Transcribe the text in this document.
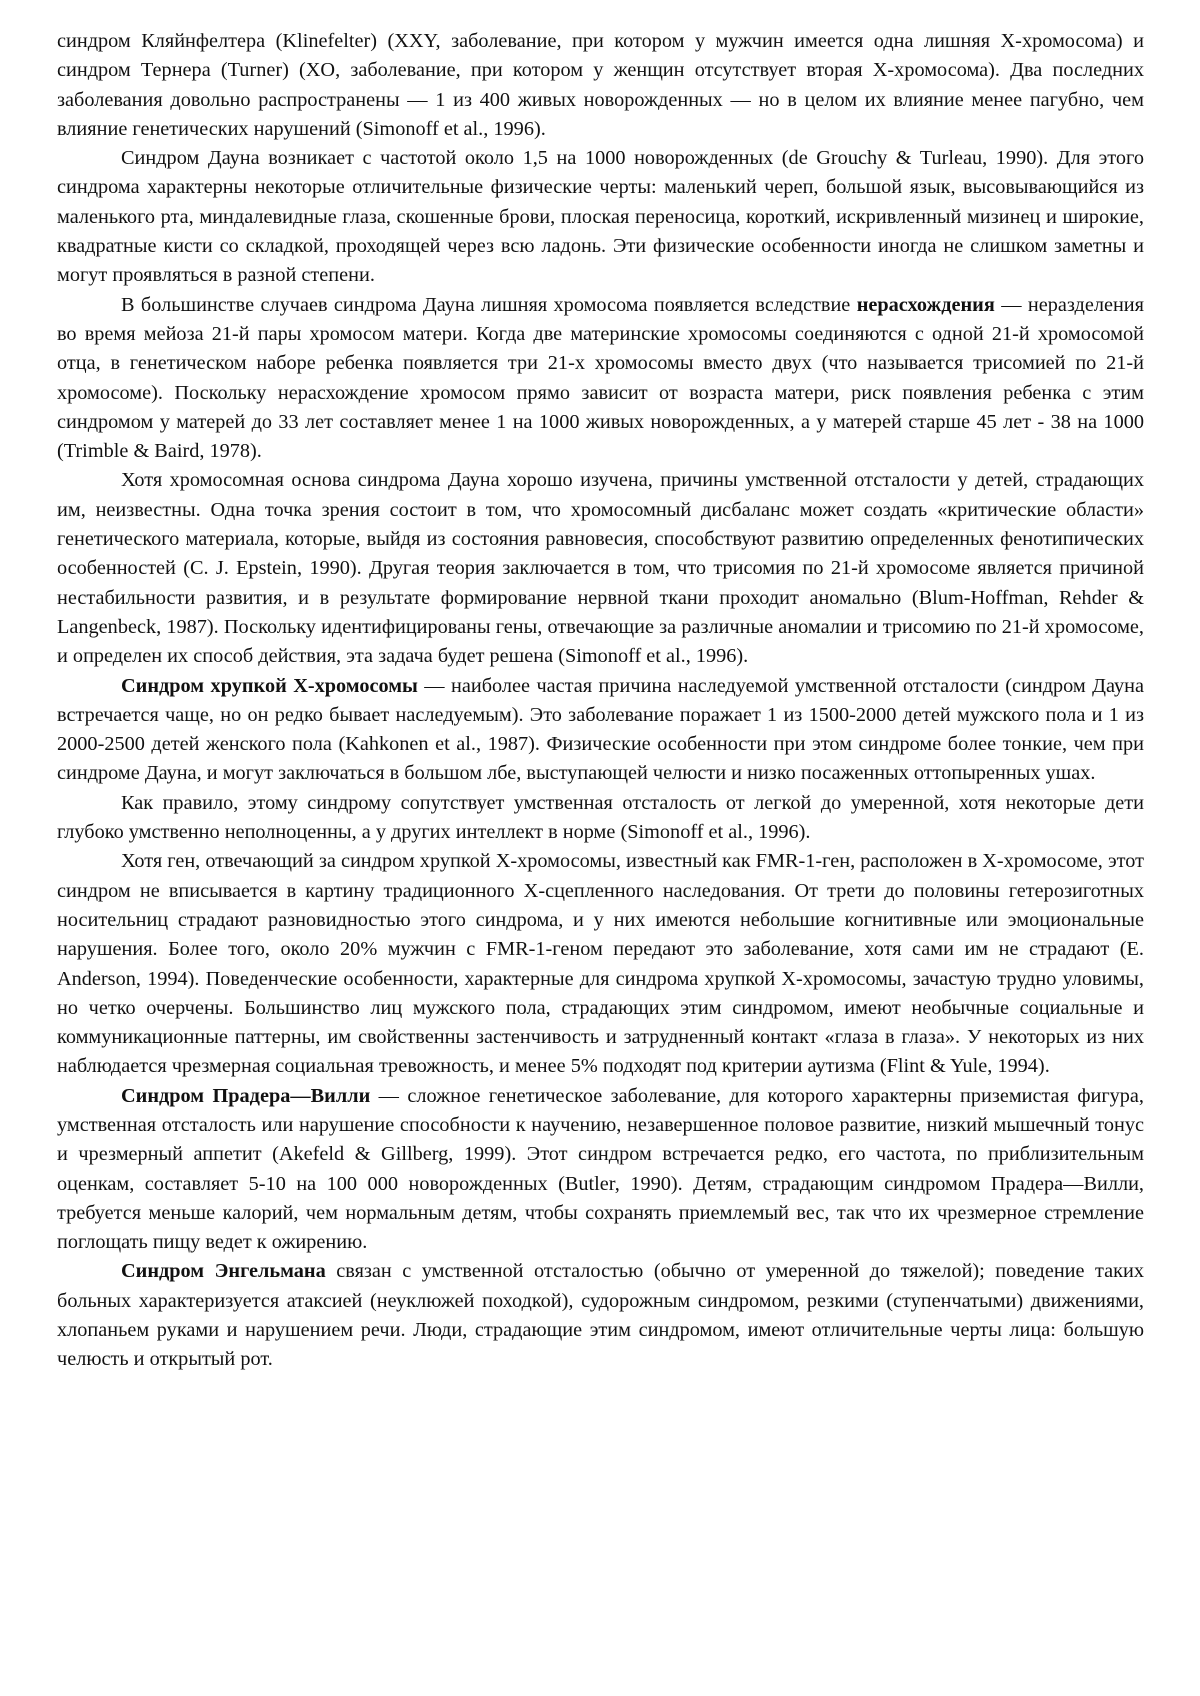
синдром Кляйнфелтера (Klinefelter) (XXY, заболевание, при котором у мужчин имеется одна лишняя X-хромосома) и синдром Тернера (Turner) (XO, заболевание, при котором у женщин отсутствует вторая X-хромосома). Два последних заболевания довольно распространены — 1 из 400 живых новорожденных — но в целом их влияние менее пагубно, чем влияние генетических нарушений (Simonoff et al., 1996).

Синдром Дауна возникает с частотой около 1,5 на 1000 новорожденных (de Grouchy & Turleau, 1990). Для этого синдрома характерны некоторые отличительные физические черты: маленький череп, большой язык, высовывающийся из маленького рта, миндалевидные глаза, скошенные брови, плоская переносица, короткий, искривленный мизинец и широкие, квадратные кисти со складкой, проходящей через всю ладонь. Эти физические особенности иногда не слишком заметны и могут проявляться в разной степени.

В большинстве случаев синдрома Дауна лишняя хромосома появляется вследствие нерасхождения — неразделения во время мейоза 21-й пары хромосом матери. Когда две материнские хромосомы соединяются с одной 21-й хромосомой отца, в генетическом наборе ребенка появляется три 21-х хромосомы вместо двух (что называется трисомией по 21-й хромосоме). Поскольку нерасхождение хромосом прямо зависит от возраста матери, риск появления ребенка с этим синдромом у матерей до 33 лет составляет менее 1 на 1000 живых новорожденных, а у матерей старше 45 лет - 38 на 1000 (Trimble & Baird, 1978).

Хотя хромосомная основа синдрома Дауна хорошо изучена, причины умственной отсталости у детей, страдающих им, неизвестны. Одна точка зрения состоит в том, что хромосомный дисбаланс может создать «критические области» генетического материала, которые, выйдя из состояния равновесия, способствуют развитию определенных фенотипических особенностей (C. J. Epstein, 1990). Другая теория заключается в том, что трисомия по 21-й хромосоме является причиной нестабильности развития, и в результате формирование нервной ткани проходит аномально (Blum-Hoffman, Rehder & Langenbeck, 1987). Поскольку идентифицированы гены, отвечающие за различные аномалии и трисомию по 21-й хромосоме, и определен их способ действия, эта задача будет решена (Simonoff et al., 1996).

Синдром хрупкой X-хромосомы — наиболее частая причина наследуемой умственной отсталости (синдром Дауна встречается чаще, но он редко бывает наследуемым). Это заболевание поражает 1 из 1500-2000 детей мужского пола и 1 из 2000-2500 детей женского пола (Kahkonen et al., 1987). Физические особенности при этом синдроме более тонкие, чем при синдроме Дауна, и могут заключаться в большом лбе, выступающей челюсти и низко посаженных оттопыренных ушах.

Как правило, этому синдрому сопутствует умственная отсталость от легкой до умеренной, хотя некоторые дети глубоко умственно неполноценны, а у других интеллект в норме (Simonoff et al., 1996).

Хотя ген, отвечающий за синдром хрупкой X-хромосомы, известный как FMR-1-ген, расположен в X-хромосоме, этот синдром не вписывается в картину традиционного X-сцепленного наследования. От трети до половины гетерозиготных носительниц страдают разновидностью этого синдрома, и у них имеются небольшие когнитивные или эмоциональные нарушения. Более того, около 20% мужчин с FMR-1-геном передают это заболевание, хотя сами им не страдают (E. Anderson, 1994). Поведенческие особенности, характерные для синдрома хрупкой X-хромосомы, зачастую трудно уловимы, но четко очерчены. Большинство лиц мужского пола, страдающих этим синдромом, имеют необычные социальные и коммуникационные паттерны, им свойственны застенчивость и затрудненный контакт «глаза в глаза». У некоторых из них наблюдается чрезмерная социальная тревожность, и менее 5% подходят под критерии аутизма (Flint & Yule, 1994).

Синдром Прадера—Вилли — сложное генетическое заболевание, для которого характерны приземистая фигура, умственная отсталость или нарушение способности к научению, незавершенное половое развитие, низкий мышечный тонус и чрезмерный аппетит (Akefeld & Gillberg, 1999). Этот синдром встречается редко, его частота, по приблизительным оценкам, составляет 5-10 на 100 000 новорожденных (Butler, 1990). Детям, страдающим синдромом Прадера—Вилли, требуется меньше калорий, чем нормальным детям, чтобы сохранять приемлемый вес, так что их чрезмерное стремление поглощать пищу ведет к ожирению.

Синдром Энгельмана связан с умственной отсталостью (обычно от умеренной до тяжелой); поведение таких больных характеризуется атаксией (неуклюжей походкой), судорожным синдромом, резкими (ступенчатыми) движениями, хлопаньем руками и нарушением речи. Люди, страдающие этим синдромом, имеют отличительные черты лица: большую челюсть и открытый рот.
